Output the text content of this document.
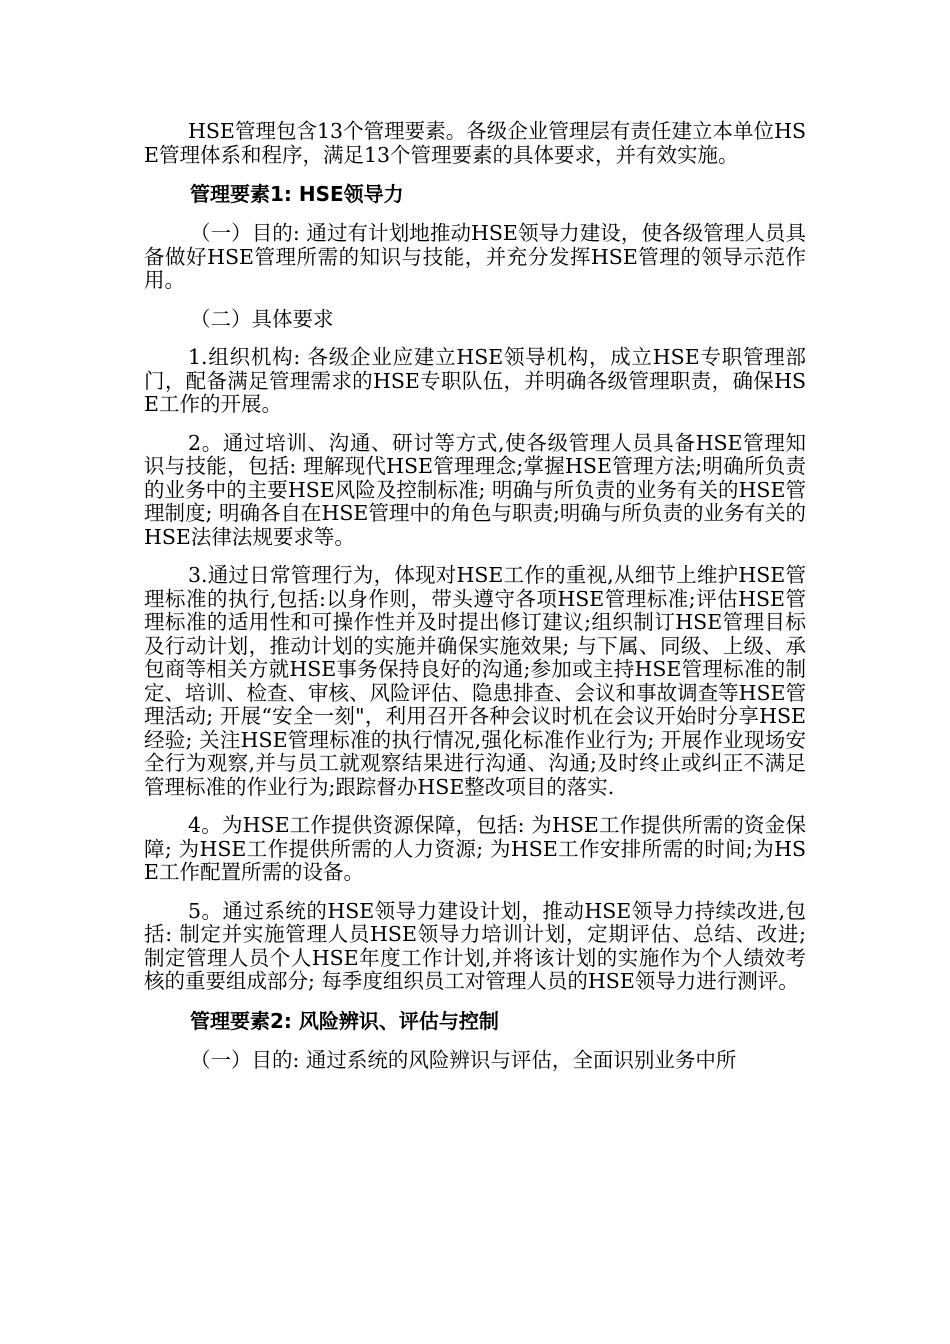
HSE管理包含13个管理要素。各级企业管理层有责任建立本单位HSE管理体系和程序，满足13个管理要素的具体要求，并有效实施。

管理要素1: HSE领导力

（一）目的: 通过有计划地推动HSE领导力建设，使各级管理人员具备做好HSE管理所需的知识与技能，并充分发挥HSE管理的领导示范作用。

（二）具体要求

1.组织机构: 各级企业应建立HSE领导机构，成立HSE专职管理部门，配备满足管理需求的HSE专职队伍，并明确各级管理职责，确保HSE工作的开展。

2。通过培训、沟通、研讨等方式,使各级管理人员具备HSE管理知识与技能，包括: 理解现代HSE管理理念;掌握HSE管理方法;明确所负责的业务中的主要HSE风险及控制标准; 明确与所负责的业务有关的HSE管理制度; 明确各自在HSE管理中的角色与职责;明确与所负责的业务有关的HSE法律法规要求等。

3.通过日常管理行为，体现对HSE工作的重视,从细节上维护HSE管理标准的执行,包括:以身作则，带头遵守各项HSE管理标准;评估HSE管理标准的适用性和可操作性并及时提出修订建议;组织制订HSE管理目标及行动计划，推动计划的实施并确保实施效果; 与下属、同级、上级、承包商等相关方就HSE事务保持良好的沟通;参加或主持HSE管理标准的制定、培训、检查、审核、风险评估、隐患排查、会议和事故调查等HSE管理活动; 开展“安全一刻"，利用召开各种会议时机在会议开始时分享HSE经验; 关注HSE管理标准的执行情况,强化标准作业行为; 开展作业现场安全行为观察,并与员工就观察结果进行沟通、沟通;及时终止或纠正不满足管理标准的作业行为;跟踪督办HSE整改项目的落实.

4。为HSE工作提供资源保障，包括: 为HSE工作提供所需的资金保障; 为HSE工作提供所需的人力资源; 为HSE工作安排所需的时间;为HSE工作配置所需的设备。

5。通过系统的HSE领导力建设计划，推动HSE领导力持续改进,包括: 制定并实施管理人员HSE领导力培训计划，定期评估、总结、改进; 制定管理人员个人HSE年度工作计划,并将该计划的实施作为个人绩效考核的重要组成部分; 每季度组织员工对管理人员的HSE领导力进行测评。

管理要素2: 风险辨识、评估与控制

（一）目的: 通过系统的风险辨识与评估，全面识别业务中所
